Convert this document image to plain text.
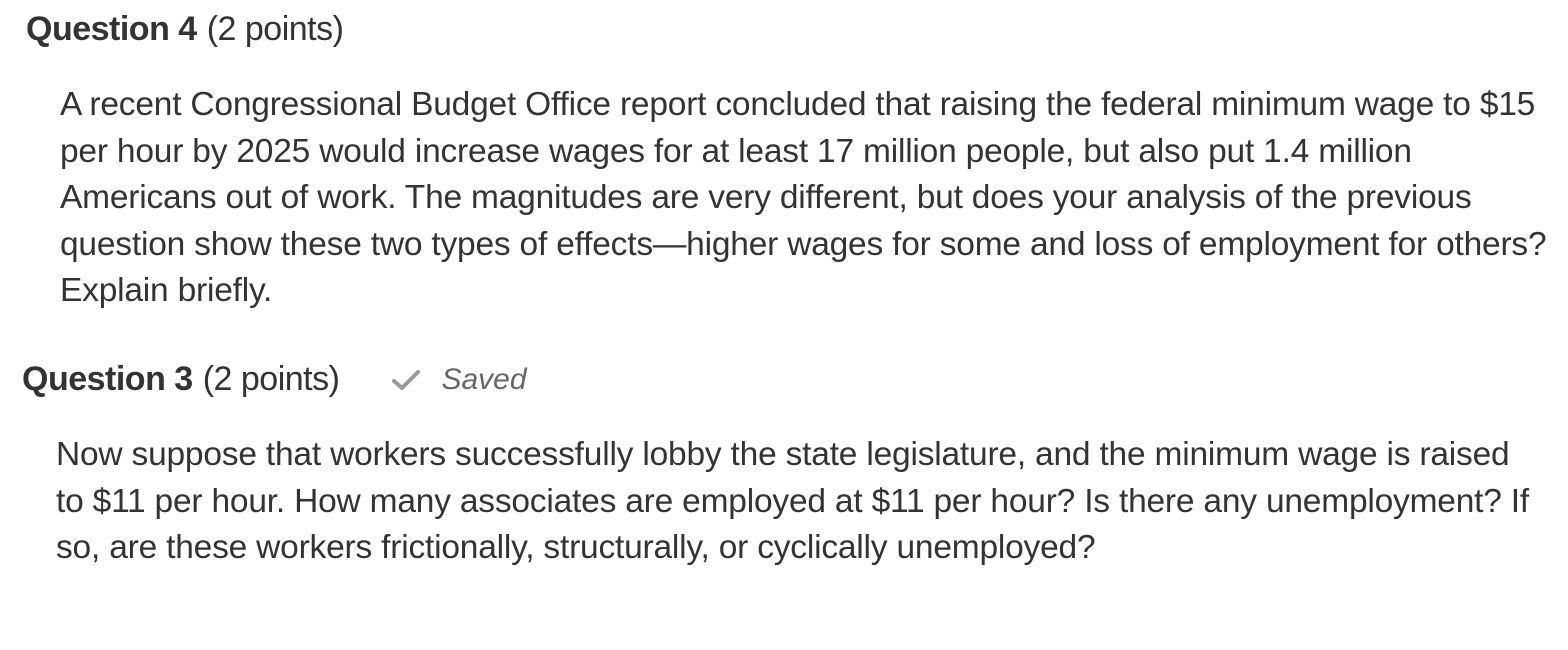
Question 4 (2 points)

A recent Congressional Budget Office report concluded that raising the federal minimum wage to $15 per hour by 2025 would increase wages for at least 17 million people, but also put 1.4 million Americans out of work. The magnitudes are very different, but does your analysis of the previous question show these two types of effects—higher wages for some and loss of employment for others? Explain briefly.

Question 3 (2 points)	Saved

Now suppose that workers successfully lobby the state legislature, and the minimum wage is raised to $11 per hour. How many associates are employed at $11 per hour? Is there any unemployment? If so, are these workers frictionally, structurally, or cyclically unemployed?
